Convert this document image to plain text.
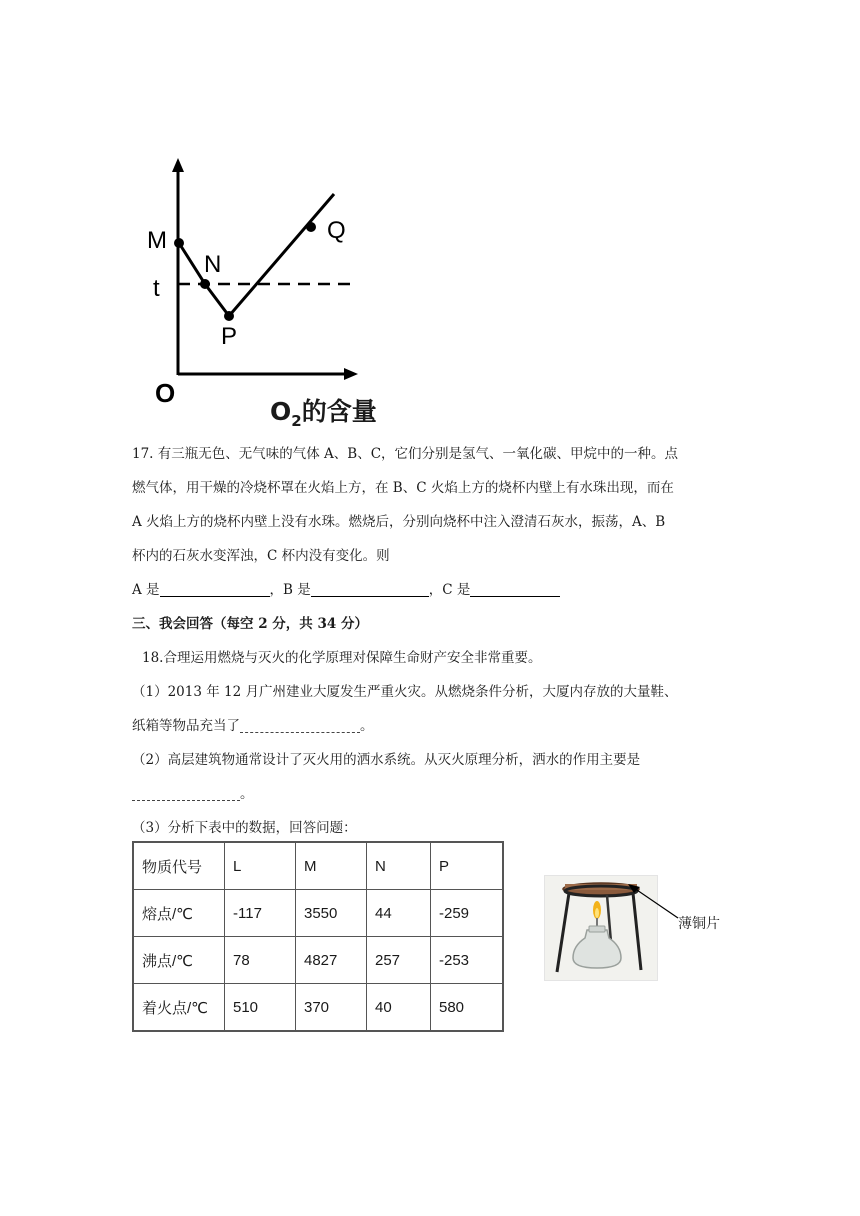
M
N
t
P
Q
O
$O_2$的含量
17. 有三瓶无色、无气味的气体 A、B、C，它们分别是氢气、一氧化碳、甲烷中的一种。点
燃气体，用干燥的冷烧杯罩在火焰上方，在 B、C 火焰上方的烧杯内壁上有水珠出现，而在
A 火焰上方的烧杯内壁上没有水珠。燃烧后，分别向烧杯中注入澄清石灰水，振荡，A、B
杯内的石灰水变浑浊，C 杯内没有变化。则
A 是	，B 是	，C 是
三、我会回答（每空 2 分，共 34 分）
18.合理运用燃烧与灭火的化学原理对保障生命财产安全非常重要。
（1）2013 年 12 月广州建业大厦发生严重火灾。从燃烧条件分析，大厦内存放的大量鞋、
纸箱等物品充当了	。
（2）高层建筑物通常设计了灭火用的洒水系统。从灭火原理分析，洒水的作用主要是
。
（3）分析下表中的数据，回答问题：
物质代号	L	M	N	P
熔点/℃	-117	3550	44	-259
沸点/℃	78	4827	257	-253
着火点/℃	510	370	40	580
薄铜片
